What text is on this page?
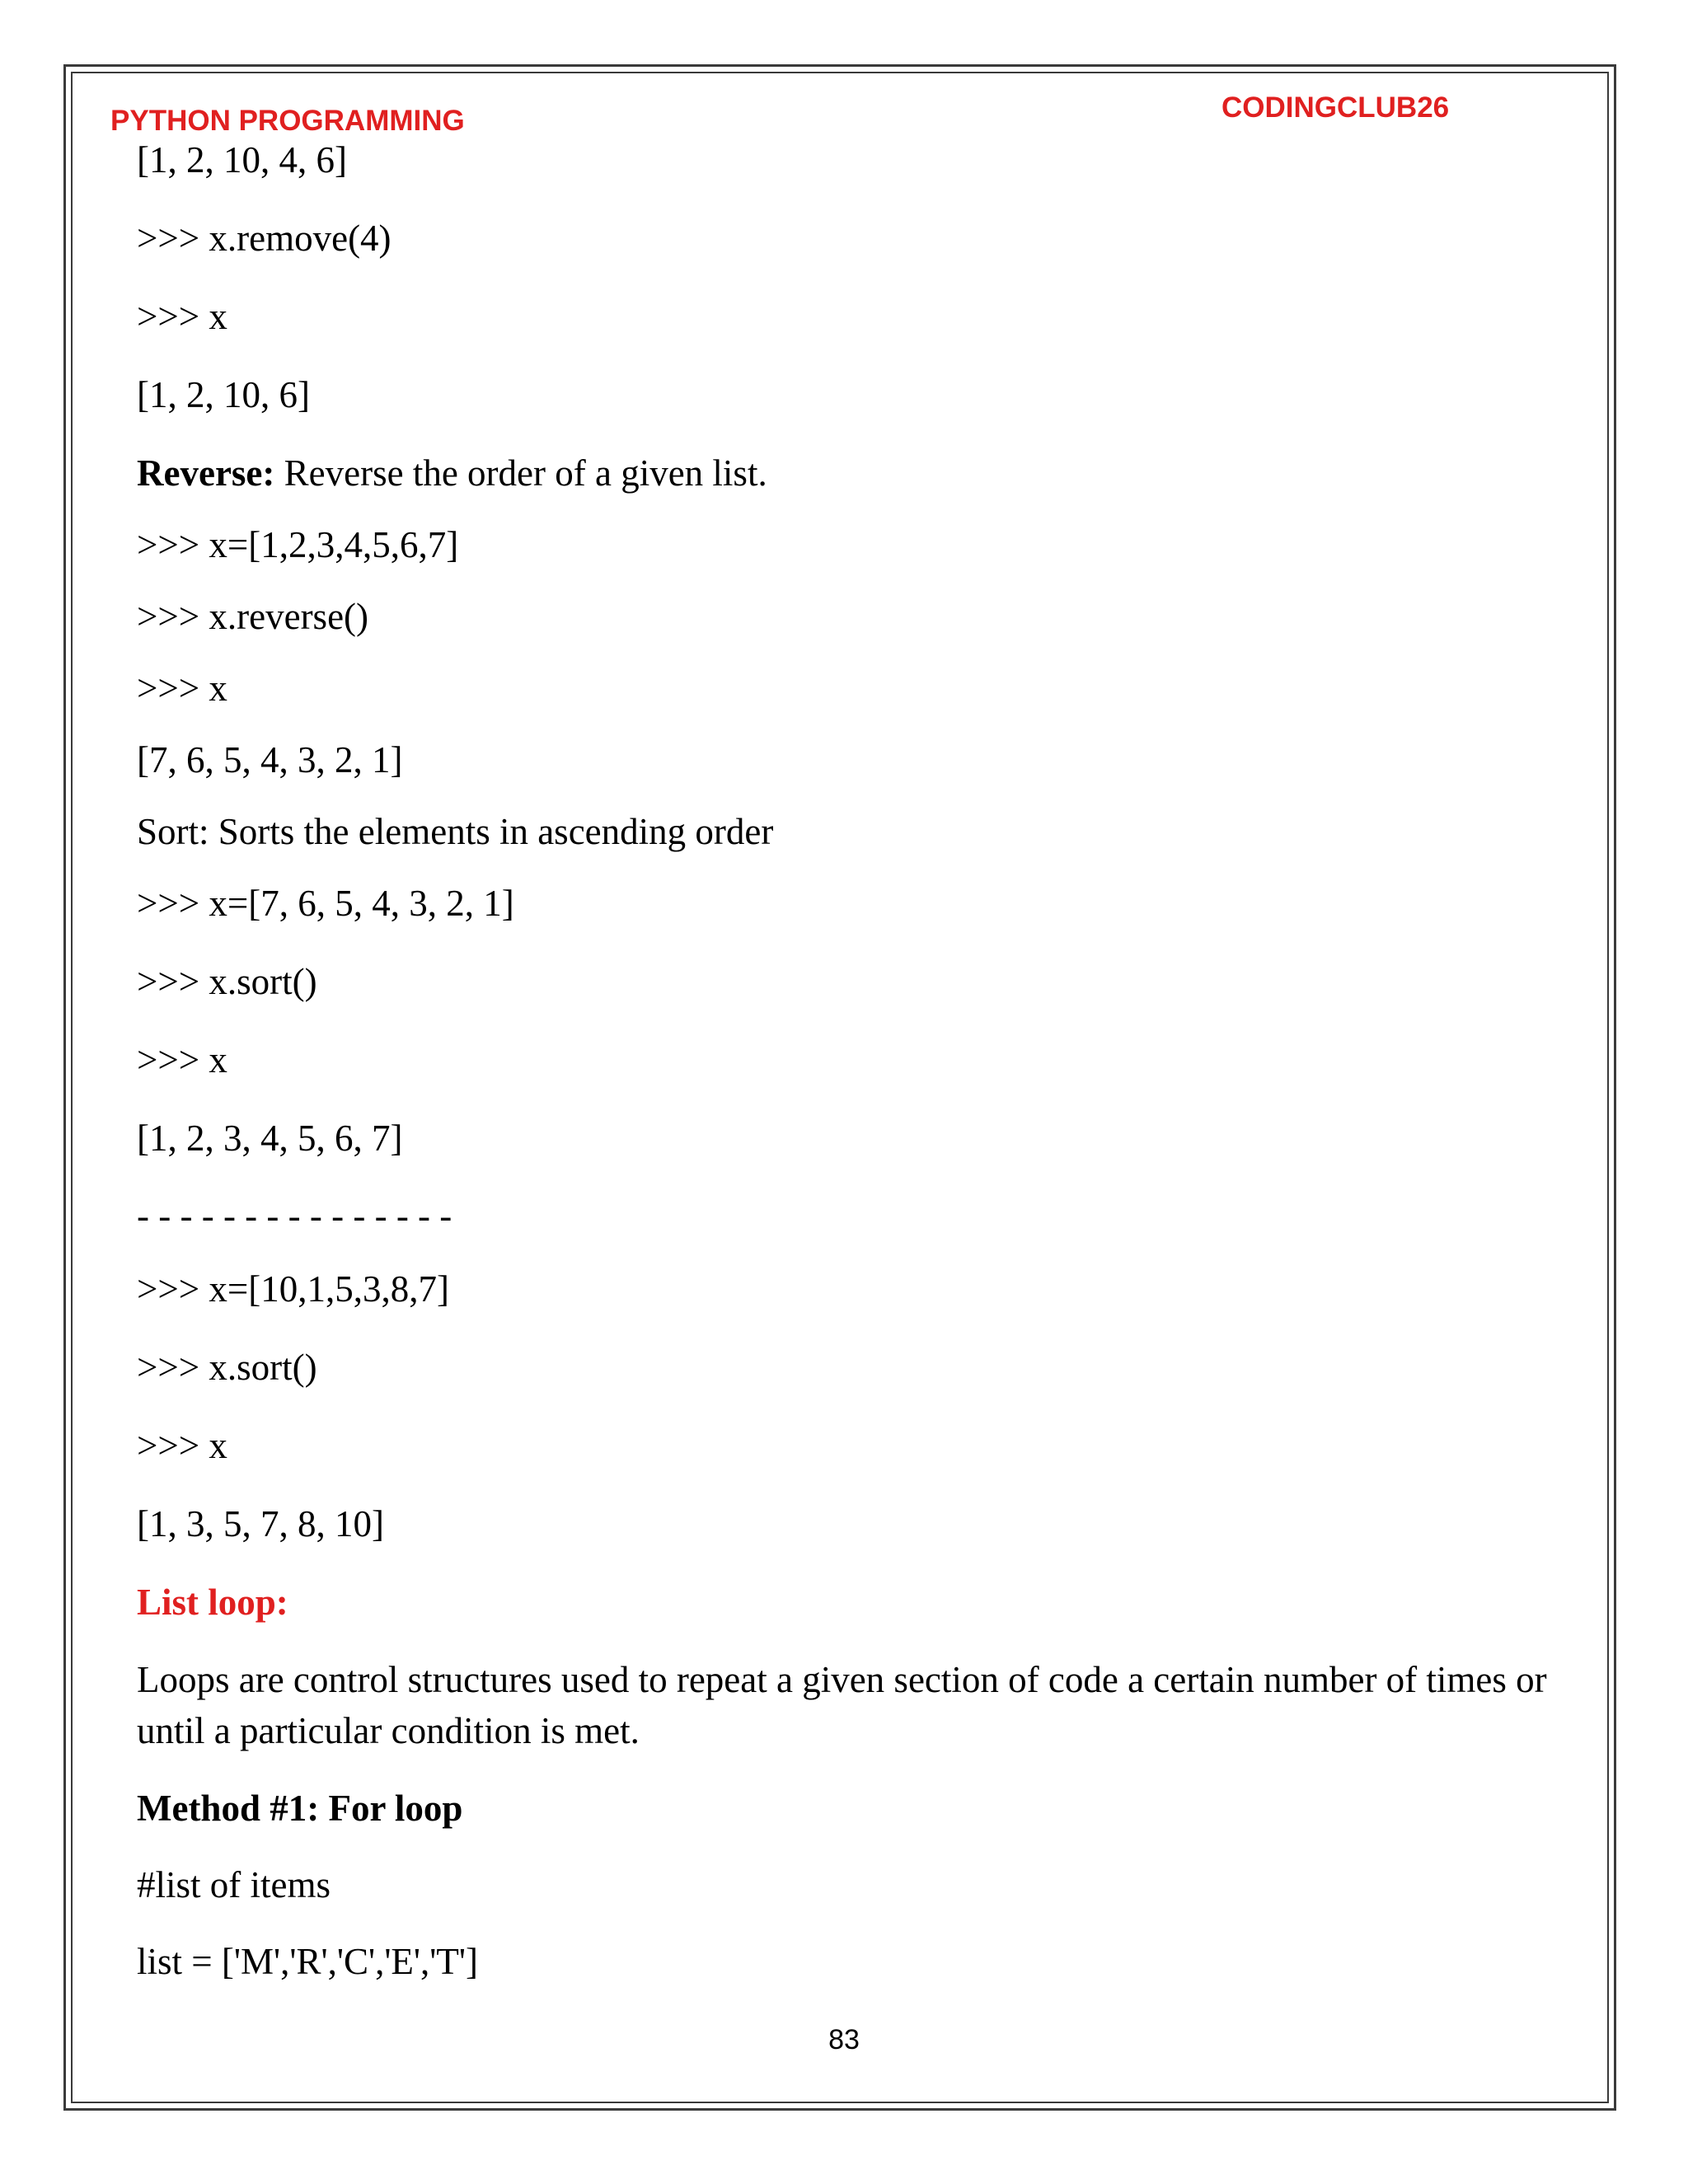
CODINGCLUB26
PYTHON PROGRAMMING
[1, 2, 10, 4, 6]
>>> x.remove(4)
>>> x
[1, 2, 10, 6]
Reverse: Reverse the order of a given list.
>>> x=[1,2,3,4,5,6,7]
>>> x.reverse()
>>> x
[7, 6, 5, 4, 3, 2, 1]
Sort: Sorts the elements in ascending order
>>> x=[7, 6, 5, 4, 3, 2, 1]
>>> x.sort()
>>> x
[1, 2, 3, 4, 5, 6, 7]
- - - - - - - - - - - - - - -
>>> x=[10,1,5,3,8,7]
>>> x.sort()
>>> x
[1, 3, 5, 7, 8, 10]
List loop:
Loops are control structures used to repeat a given section of code a certain number of times or until a particular condition is met.
Method #1: For loop
#list of items
list = ['M','R','C','E','T']
83
